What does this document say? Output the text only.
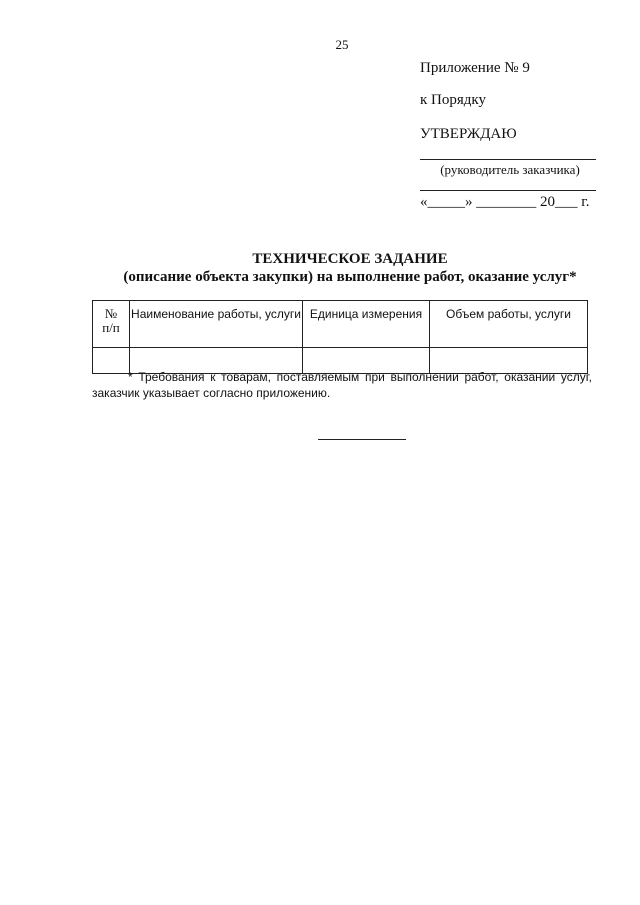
25
Приложение № 9
к Порядку
УТВЕРЖДАЮ
(руководитель заказчика)
«_____» ________ 20___ г.
ТЕХНИЧЕСКОЕ ЗАДАНИЕ
(описание объекта закупки) на выполнение работ, оказание услуг*
№
п/п	Наименование работы, услуги	Единица измерения	Объем работы, услуги

* Требования к товарам, поставляемым при выполнении работ, оказании услуг,
заказчик указывает согласно приложению.
